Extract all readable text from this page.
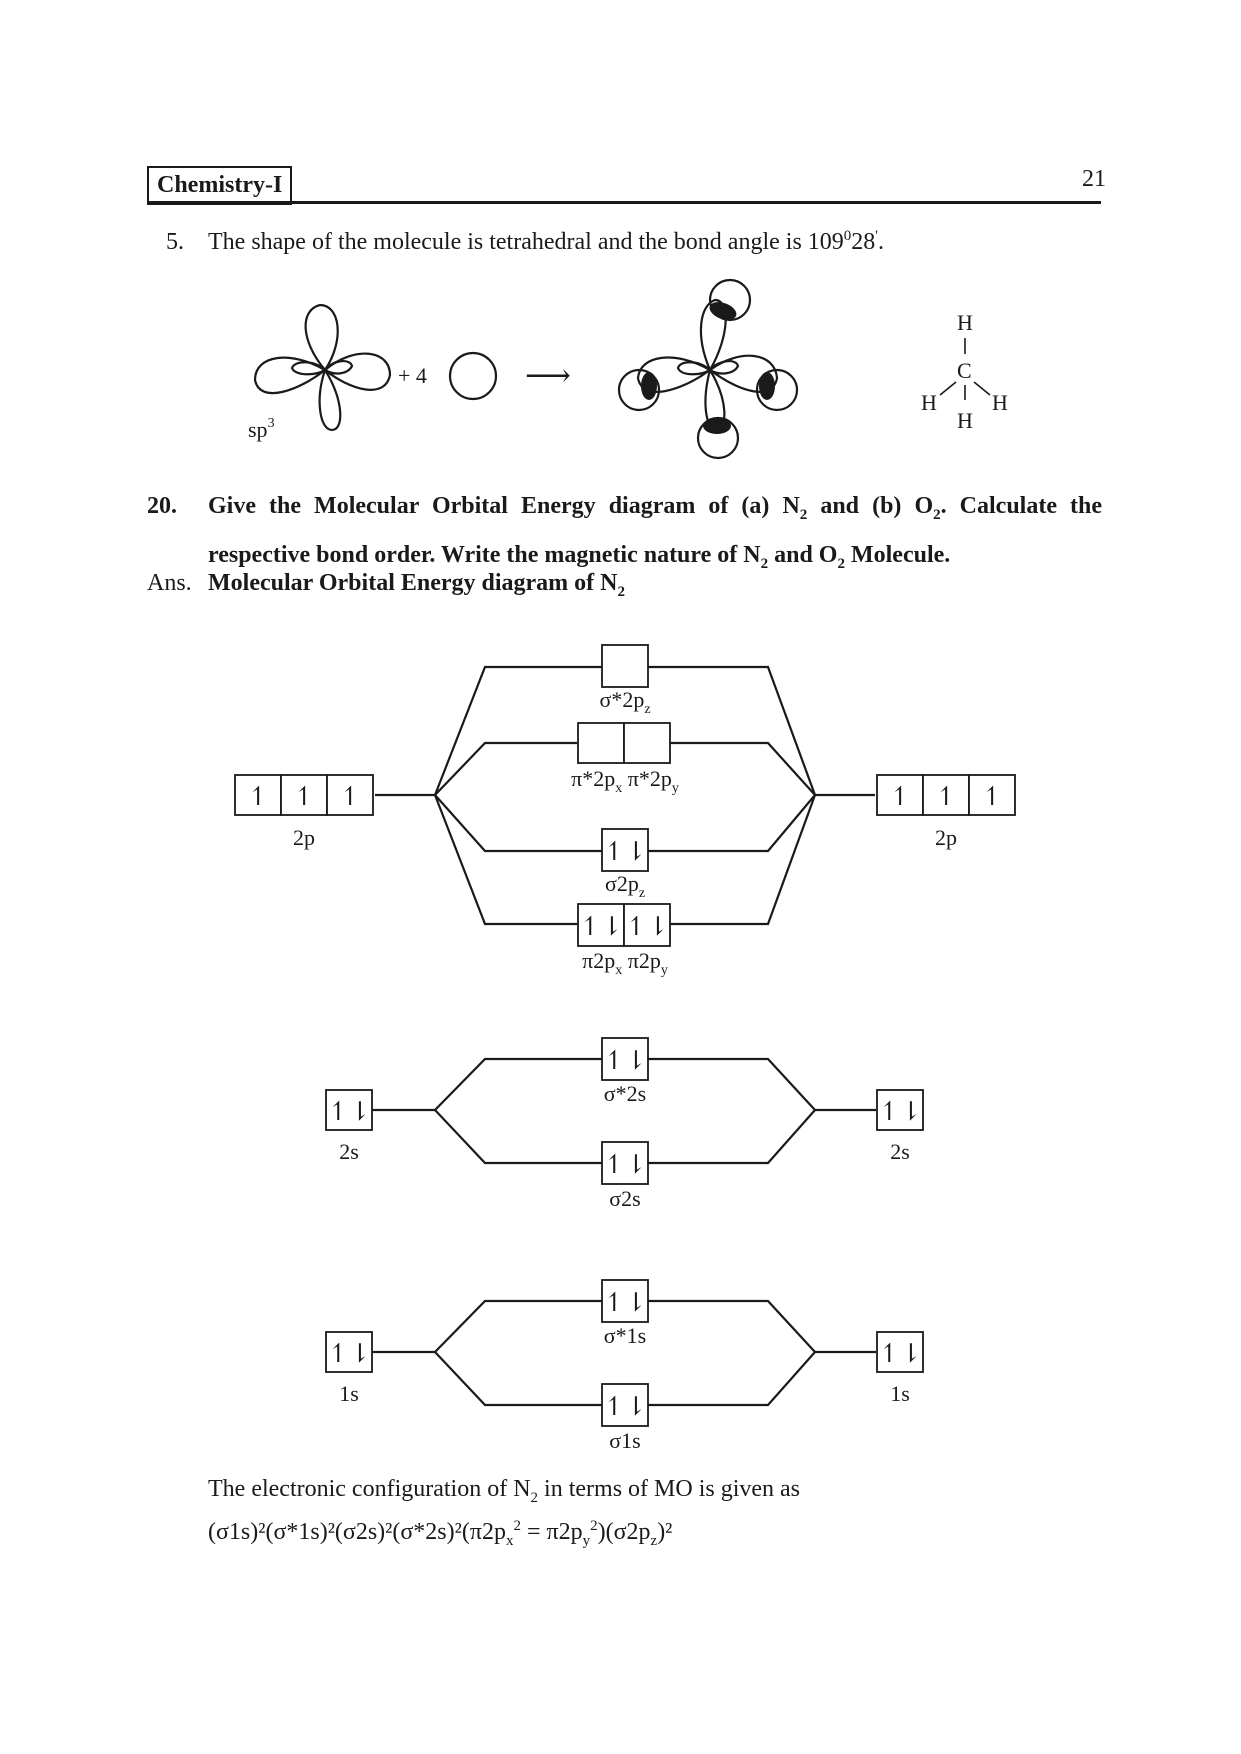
Chemistry-I	21
5. The shape of the molecule is tetrahedral and the bond angle is $109^028'$.
$sp^3$
+ 4	⟶
H
C
H	H
H
20. Give the Molecular Orbital Energy diagram of (a) $N_2$ and (b) $O_2$. Calculate the respective bond order. Write the magnetic nature of $N_2$ and $O_2$ Molecule.
Ans. Molecular Orbital Energy diagram of $N_2$
↿ ↿ ↿	↿ ↿ ↿
↿⇂
↿⇂ ↿⇂
↿⇂
↿⇂
↿⇂	↿⇂
↿⇂
↿⇂
↿⇂	↿⇂
2p	2p
2s	2s
1s	1s
$\sigma*2p_z$
$\pi*2p_x$ $\pi*2p_y$
$\sigma 2p_z$
$\pi 2p_x$ $\pi 2p_y$
σ*2s
σ2s
σ*1s
σ1s
The electronic configuration of $N_2$ in terms of MO is given as
$(\sigma 1s)^2(\sigma*1s)^2(\sigma 2s)^2(\sigma*2s)^2(\pi 2p_x^2 = \pi 2p_y^2)(\sigma 2p_z)^2$
